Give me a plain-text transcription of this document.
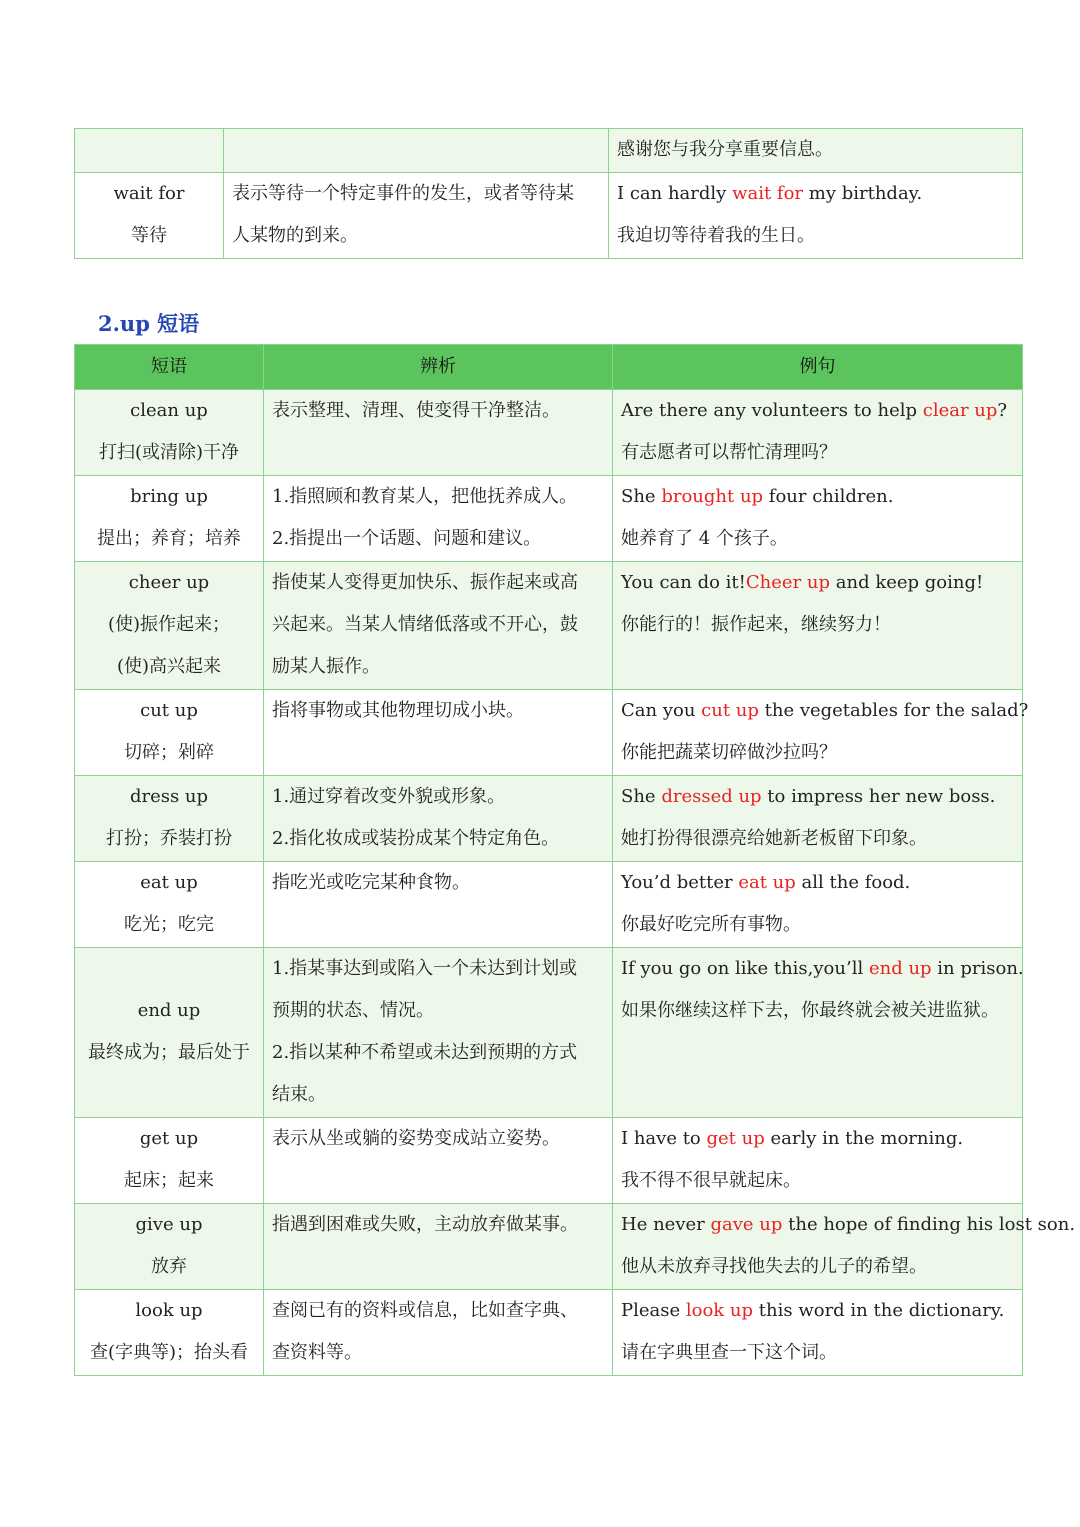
		感谢您与我分享重要信息。

wait for
等待	表示等待一个特定事件的发生，或者等待某
人某物的到来。	I can hardly wait for my birthday.
我迫切等待着我的生日。
2.up 短语
短语	辨析	例句

clean up
打扫(或清除)干净	表示整理、清理、使变得干净整洁。	Are there any volunteers to help clear up?
有志愿者可以帮忙清理吗？

bring up
提出；养育；培养	1.指照顾和教育某人，把他抚养成人。
2.指提出一个话题、问题和建议。	She brought up four children.
她养育了 4 个孩子。

cheer up
(使)振作起来；
(使)高兴起来	指使某人变得更加快乐、振作起来或高
兴起来。当某人情绪低落或不开心，鼓
励某人振作。	You can do it!Cheer up and keep going!
你能行的！振作起来，继续努力！

cut up
切碎；剁碎	指将事物或其他物理切成小块。	Can you cut up the vegetables for the salad?
你能把蔬菜切碎做沙拉吗？

dress up
打扮；乔装打扮	1.通过穿着改变外貌或形象。
2.指化妆成或装扮成某个特定角色。	She dressed up to impress her new boss.
她打扮得很漂亮给她新老板留下印象。

eat up
吃光；吃完	指吃光或吃完某种食物。	You’d better eat up all the food.
你最好吃完所有事物。

end up
最终成为；最后处于	1.指某事达到或陷入一个未达到计划或
预期的状态、情况。
2.指以某种不希望或未达到预期的方式
结束。	If you go on like this,you’ll end up in prison.
如果你继续这样下去，你最终就会被关进监狱。

get up
起床；起来	表示从坐或躺的姿势变成站立姿势。	I have to get up early in the morning.
我不得不很早就起床。

give up
放弃	指遇到困难或失败，主动放弃做某事。	He never gave up the hope of finding his lost son.
他从未放弃寻找他失去的儿子的希望。

look up
查(字典等)；抬头看	查阅已有的资料或信息，比如查字典、
查资料等。	Please look up this word in the dictionary.
请在字典里查一下这个词。
